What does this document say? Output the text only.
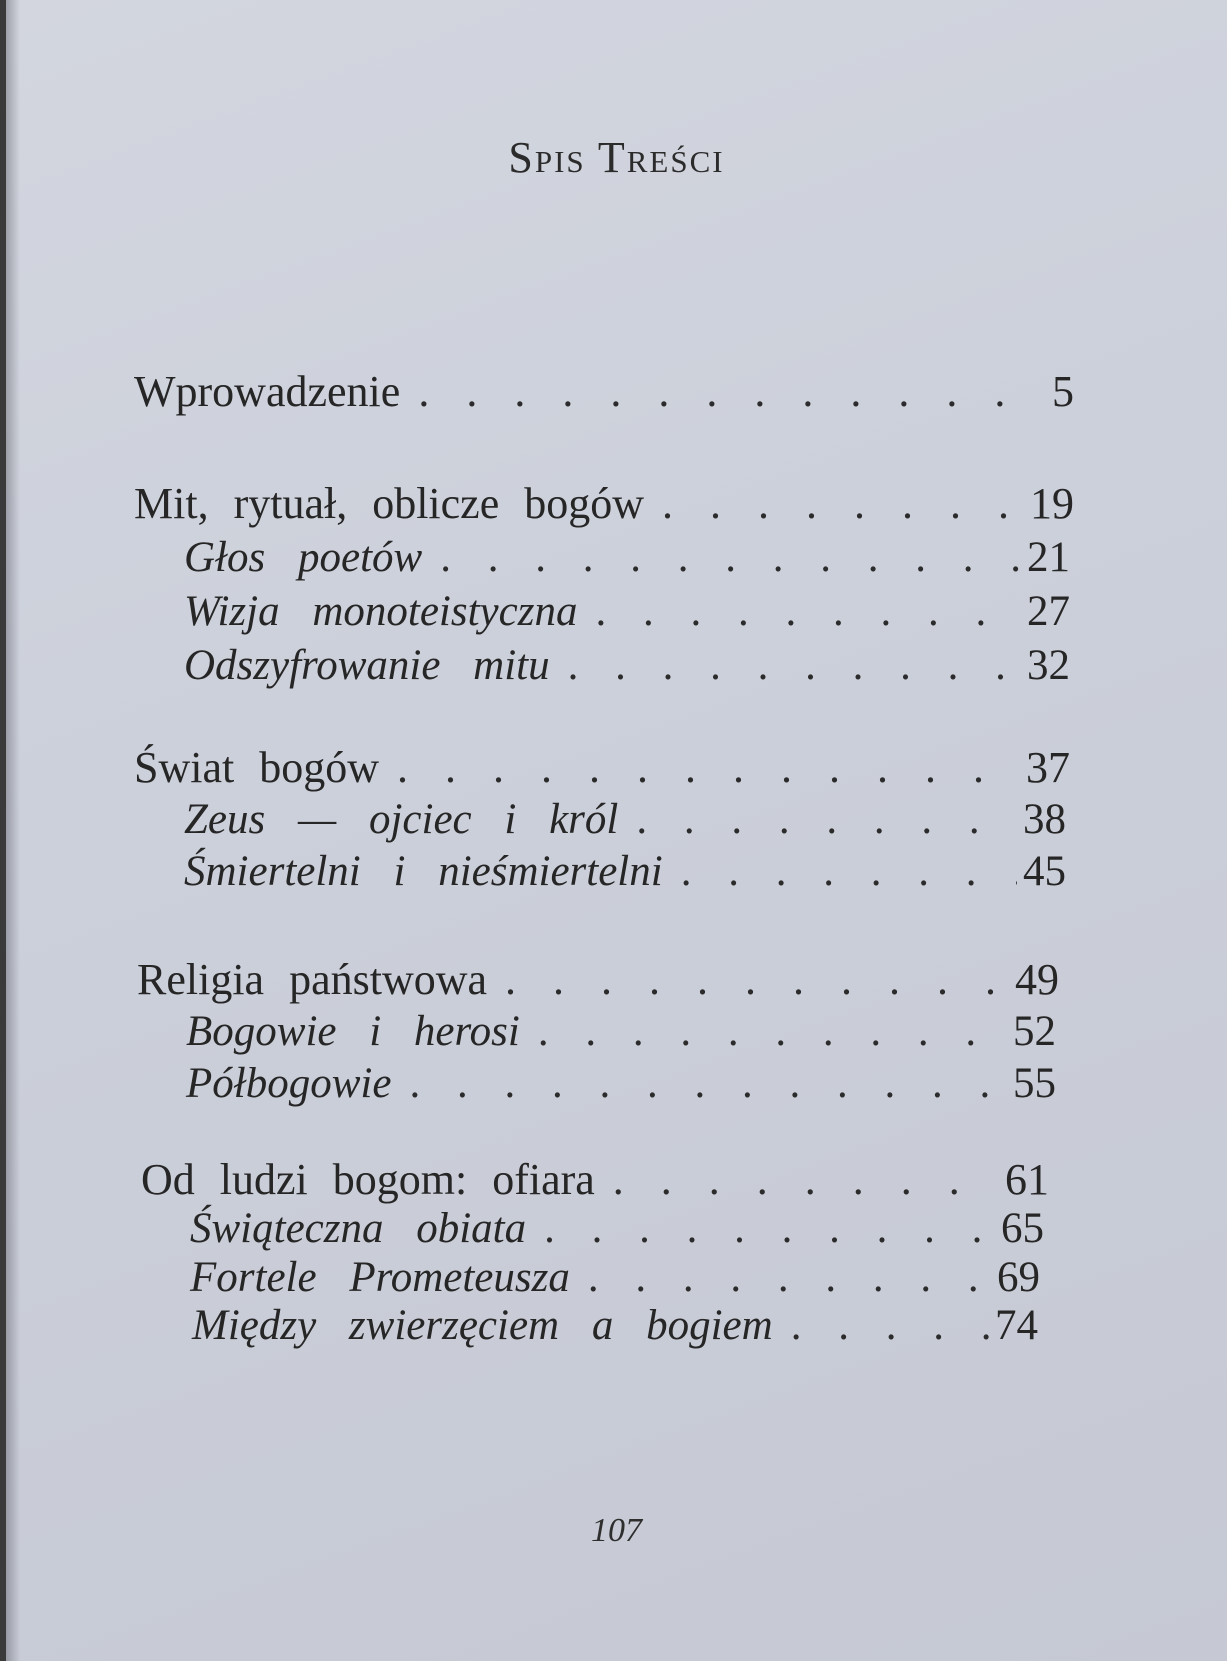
Spis Treści
Wprowadzenie . . .	5
Mit, rytuał, oblicze bogów . . .	19
Głos poetów . . .	21
Wizja monoteistyczna . . .	27
Odszyfrowanie mitu . . .	32
Świat bogów . . .	37
Zeus — ojciec i król . . .	38
Śmiertelni i nieśmiertelni . . .	45
Religia państwowa . . .	49
Bogowie i herosi . . .	52
Półbogowie . . .	55
Od ludzi bogom: ofiara . . .	61
Świąteczna obiata . . .	65
Fortele Prometeusza . . .	69
Między zwierzęciem a bogiem . . .	74
107
